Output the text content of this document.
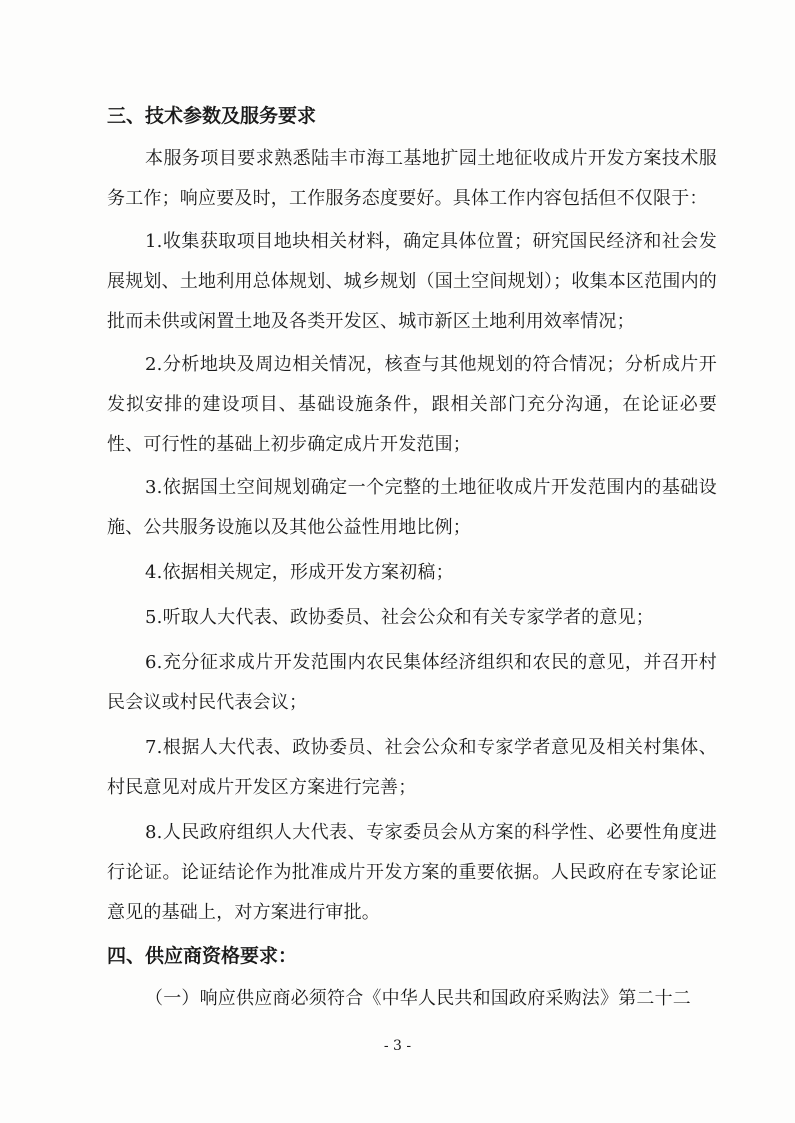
三、技术参数及服务要求

本服务项目要求熟悉陆丰市海工基地扩园土地征收成片开发方案技术服务工作；响应要及时，工作服务态度要好。具体工作内容包括但不仅限于：

1.收集获取项目地块相关材料，确定具体位置；研究国民经济和社会发展规划、土地利用总体规划、城乡规划（国土空间规划）；收集本区范围内的批而未供或闲置土地及各类开发区、城市新区土地利用效率情况；

2.分析地块及周边相关情况，核查与其他规划的符合情况；分析成片开发拟安排的建设项目、基础设施条件，跟相关部门充分沟通，在论证必要性、可行性的基础上初步确定成片开发范围；

3.依据国土空间规划确定一个完整的土地征收成片开发范围内的基础设施、公共服务设施以及其他公益性用地比例；

4.依据相关规定，形成开发方案初稿；

5.听取人大代表、政协委员、社会公众和有关专家学者的意见；

6.充分征求成片开发范围内农民集体经济组织和农民的意见，并召开村民会议或村民代表会议；

7.根据人大代表、政协委员、社会公众和专家学者意见及相关村集体、村民意见对成片开发区方案进行完善；

8.人民政府组织人大代表、专家委员会从方案的科学性、必要性角度进行论证。论证结论作为批准成片开发方案的重要依据。人民政府在专家论证意见的基础上，对方案进行审批。

四、供应商资格要求：

（一）响应供应商必须符合《中华人民共和国政府采购法》第二十二

- 3 -
